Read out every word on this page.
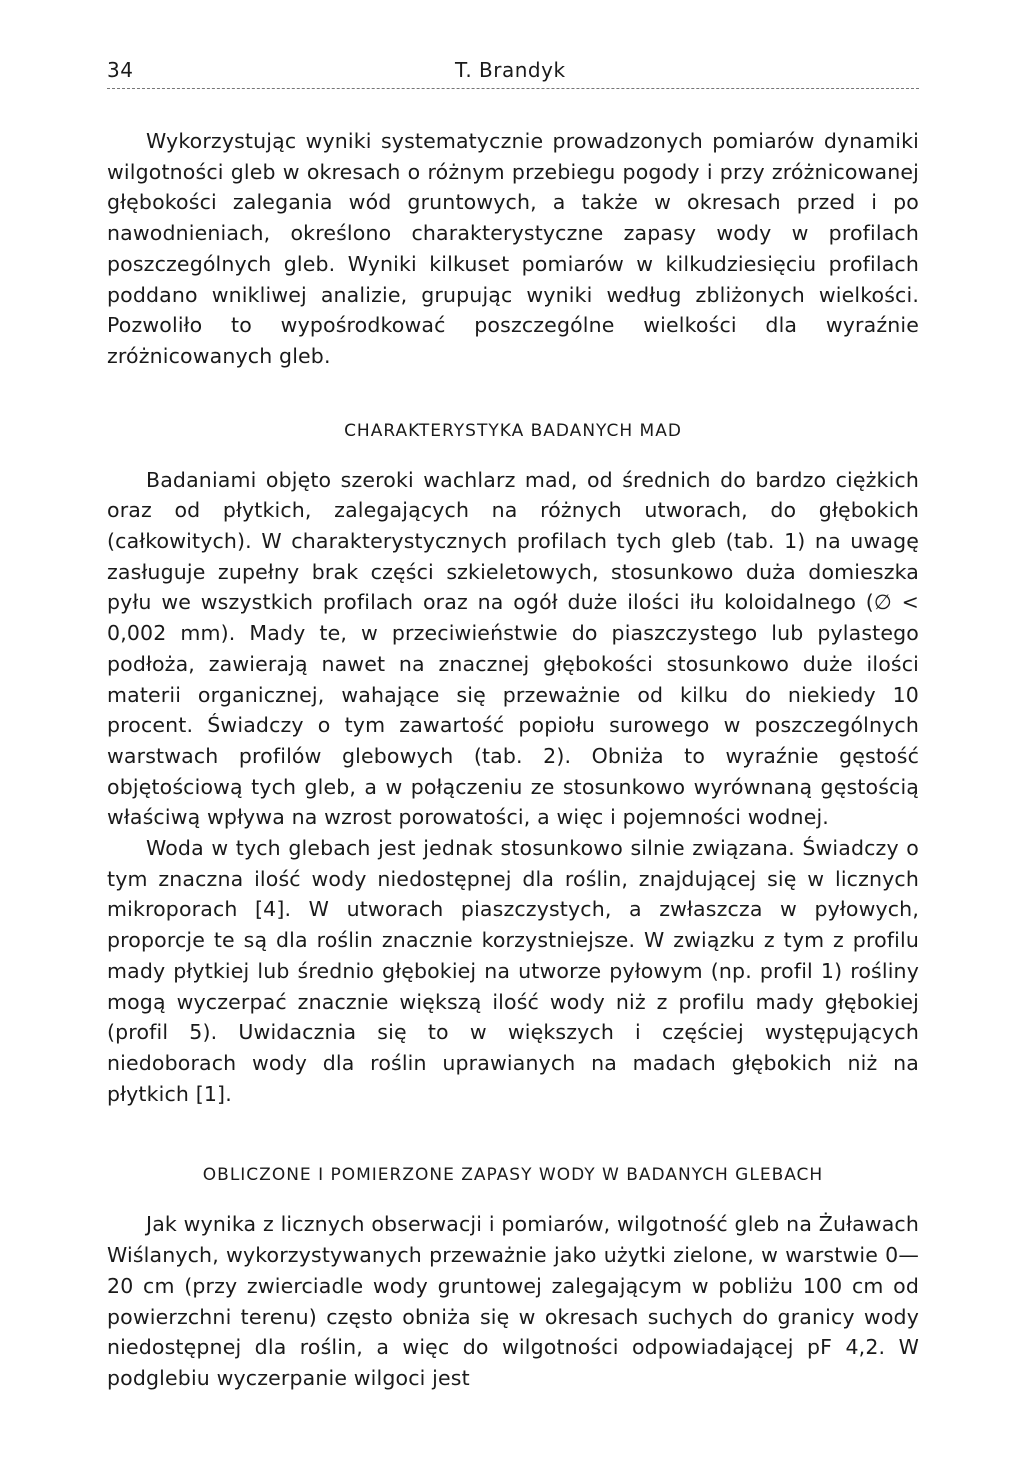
34	T. Brandyk

Wykorzystując wyniki systematycznie prowadzonych pomiarów dynamiki wilgotności gleb w okresach o różnym przebiegu pogody i przy zróżnicowanej głębokości zalegania wód gruntowych, a także w okresach przed i po nawodnieniach, określono charakterystyczne zapasy wody w profilach poszczególnych gleb. Wyniki kilkuset pomiarów w kilkudziesięciu profilach poddano wnikliwej analizie, grupując wyniki według zbliżonych wielkości. Pozwoliło to wypośrodkować poszczególne wielkości dla wyraźnie zróżnicowanych gleb.

CHARAKTERYSTYKA BADANYCH MAD

Badaniami objęto szeroki wachlarz mad, od średnich do bardzo ciężkich oraz od płytkich, zalegających na różnych utworach, do głębokich (całkowitych). W charakterystycznych profilach tych gleb (tab. 1) na uwagę zasługuje zupełny brak części szkieletowych, stosunkowo duża domieszka pyłu we wszystkich profilach oraz na ogół duże ilości iłu koloidalnego (∅ < 0,002 mm). Mady te, w przeciwieństwie do piaszczystego lub pylastego podłoża, zawierają nawet na znacznej głębokości stosunkowo duże ilości materii organicznej, wahające się przeważnie od kilku do niekiedy 10 procent. Świadczy o tym zawartość popiołu surowego w poszczególnych warstwach profilów glebowych (tab. 2). Obniża to wyraźnie gęstość objętościową tych gleb, a w połączeniu ze stosunkowo wyrównaną gęstością właściwą wpływa na wzrost porowatości, a więc i pojemności wodnej.

Woda w tych glebach jest jednak stosunkowo silnie związana. Świadczy o tym znaczna ilość wody niedostępnej dla roślin, znajdującej się w licznych mikroporach [4]. W utworach piaszczystych, a zwłaszcza w pyłowych, proporcje te są dla roślin znacznie korzystniejsze. W związku z tym z profilu mady płytkiej lub średnio głębokiej na utworze pyłowym (np. profil 1) rośliny mogą wyczerpać znacznie większą ilość wody niż z profilu mady głębokiej (profil 5). Uwidacznia się to w większych i częściej występujących niedoborach wody dla roślin uprawianych na madach głębokich niż na płytkich [1].

OBLICZONE I POMIERZONE ZAPASY WODY W BADANYCH GLEBACH

Jak wynika z licznych obserwacji i pomiarów, wilgotność gleb na Żuławach Wiślanych, wykorzystywanych przeważnie jako użytki zielone, w warstwie 0—20 cm (przy zwierciadle wody gruntowej zalegającym w pobliżu 100 cm od powierzchni terenu) często obniża się w okresach suchych do granicy wody niedostępnej dla roślin, a więc do wilgotności odpowiadającej pF 4,2. W podglebiu wyczerpanie wilgoci jest
